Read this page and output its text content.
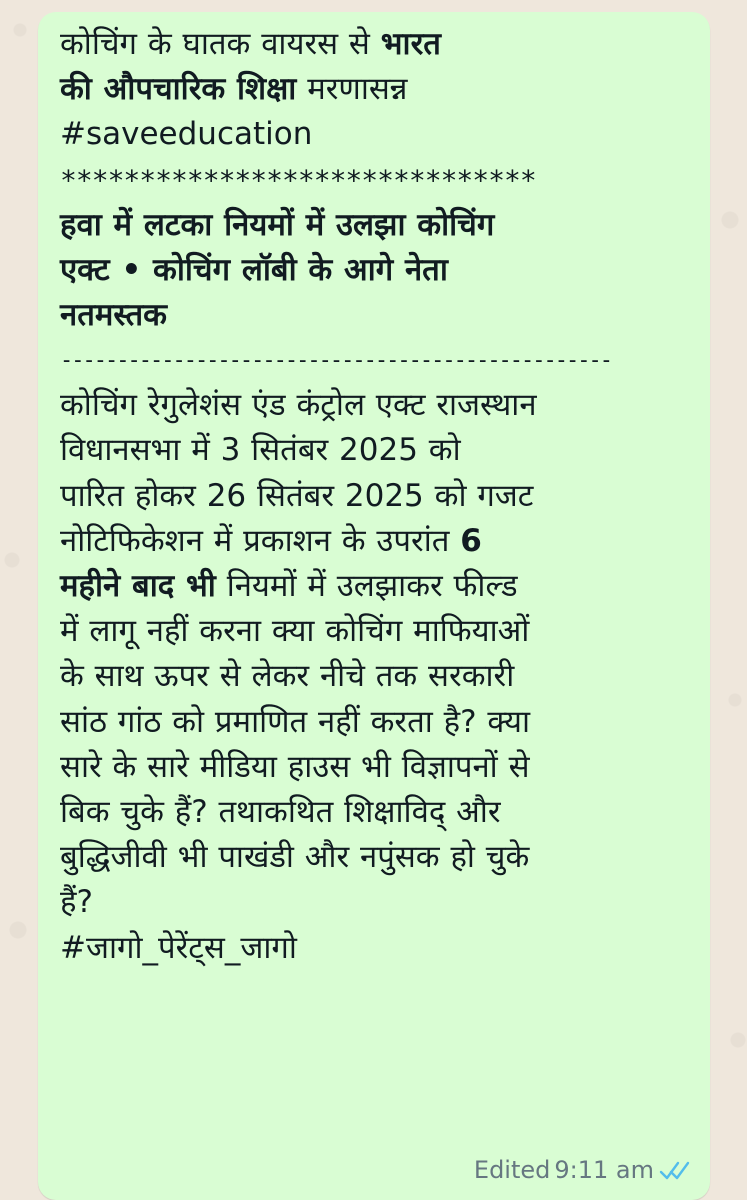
कोचिंग के घातक वायरस से भारत
की औपचारिक शिक्षा मरणासन्न
#saveeducation
******************************
हवा में लटका नियमों में उलझा कोचिंग
एक्ट • कोचिंग लॉबी के आगे नेता
नतमस्तक
-------------------------------------------------
कोचिंग रेगुलेशंस एंड कंट्रोल एक्ट राजस्थान
विधानसभा में 3 सितंबर 2025 को
पारित होकर 26 सितंबर 2025 को गजट
नोटिफिकेशन में प्रकाशन के उपरांत 6
महीने बाद भी नियमों में उलझाकर फील्ड
में लागू नहीं करना क्या कोचिंग माफियाओं
के साथ ऊपर से लेकर नीचे तक सरकारी
सांठ गांठ को प्रमाणित नहीं करता है? क्या
सारे के सारे मीडिया हाउस भी विज्ञापनों से
बिक चुके हैं? तथाकथित शिक्षाविद् और
बुद्धिजीवी भी पाखंडी और नपुंसक हो चुके
हैं?
#जागो_पेरेंट्स_जागो
Edited 9:11 am
